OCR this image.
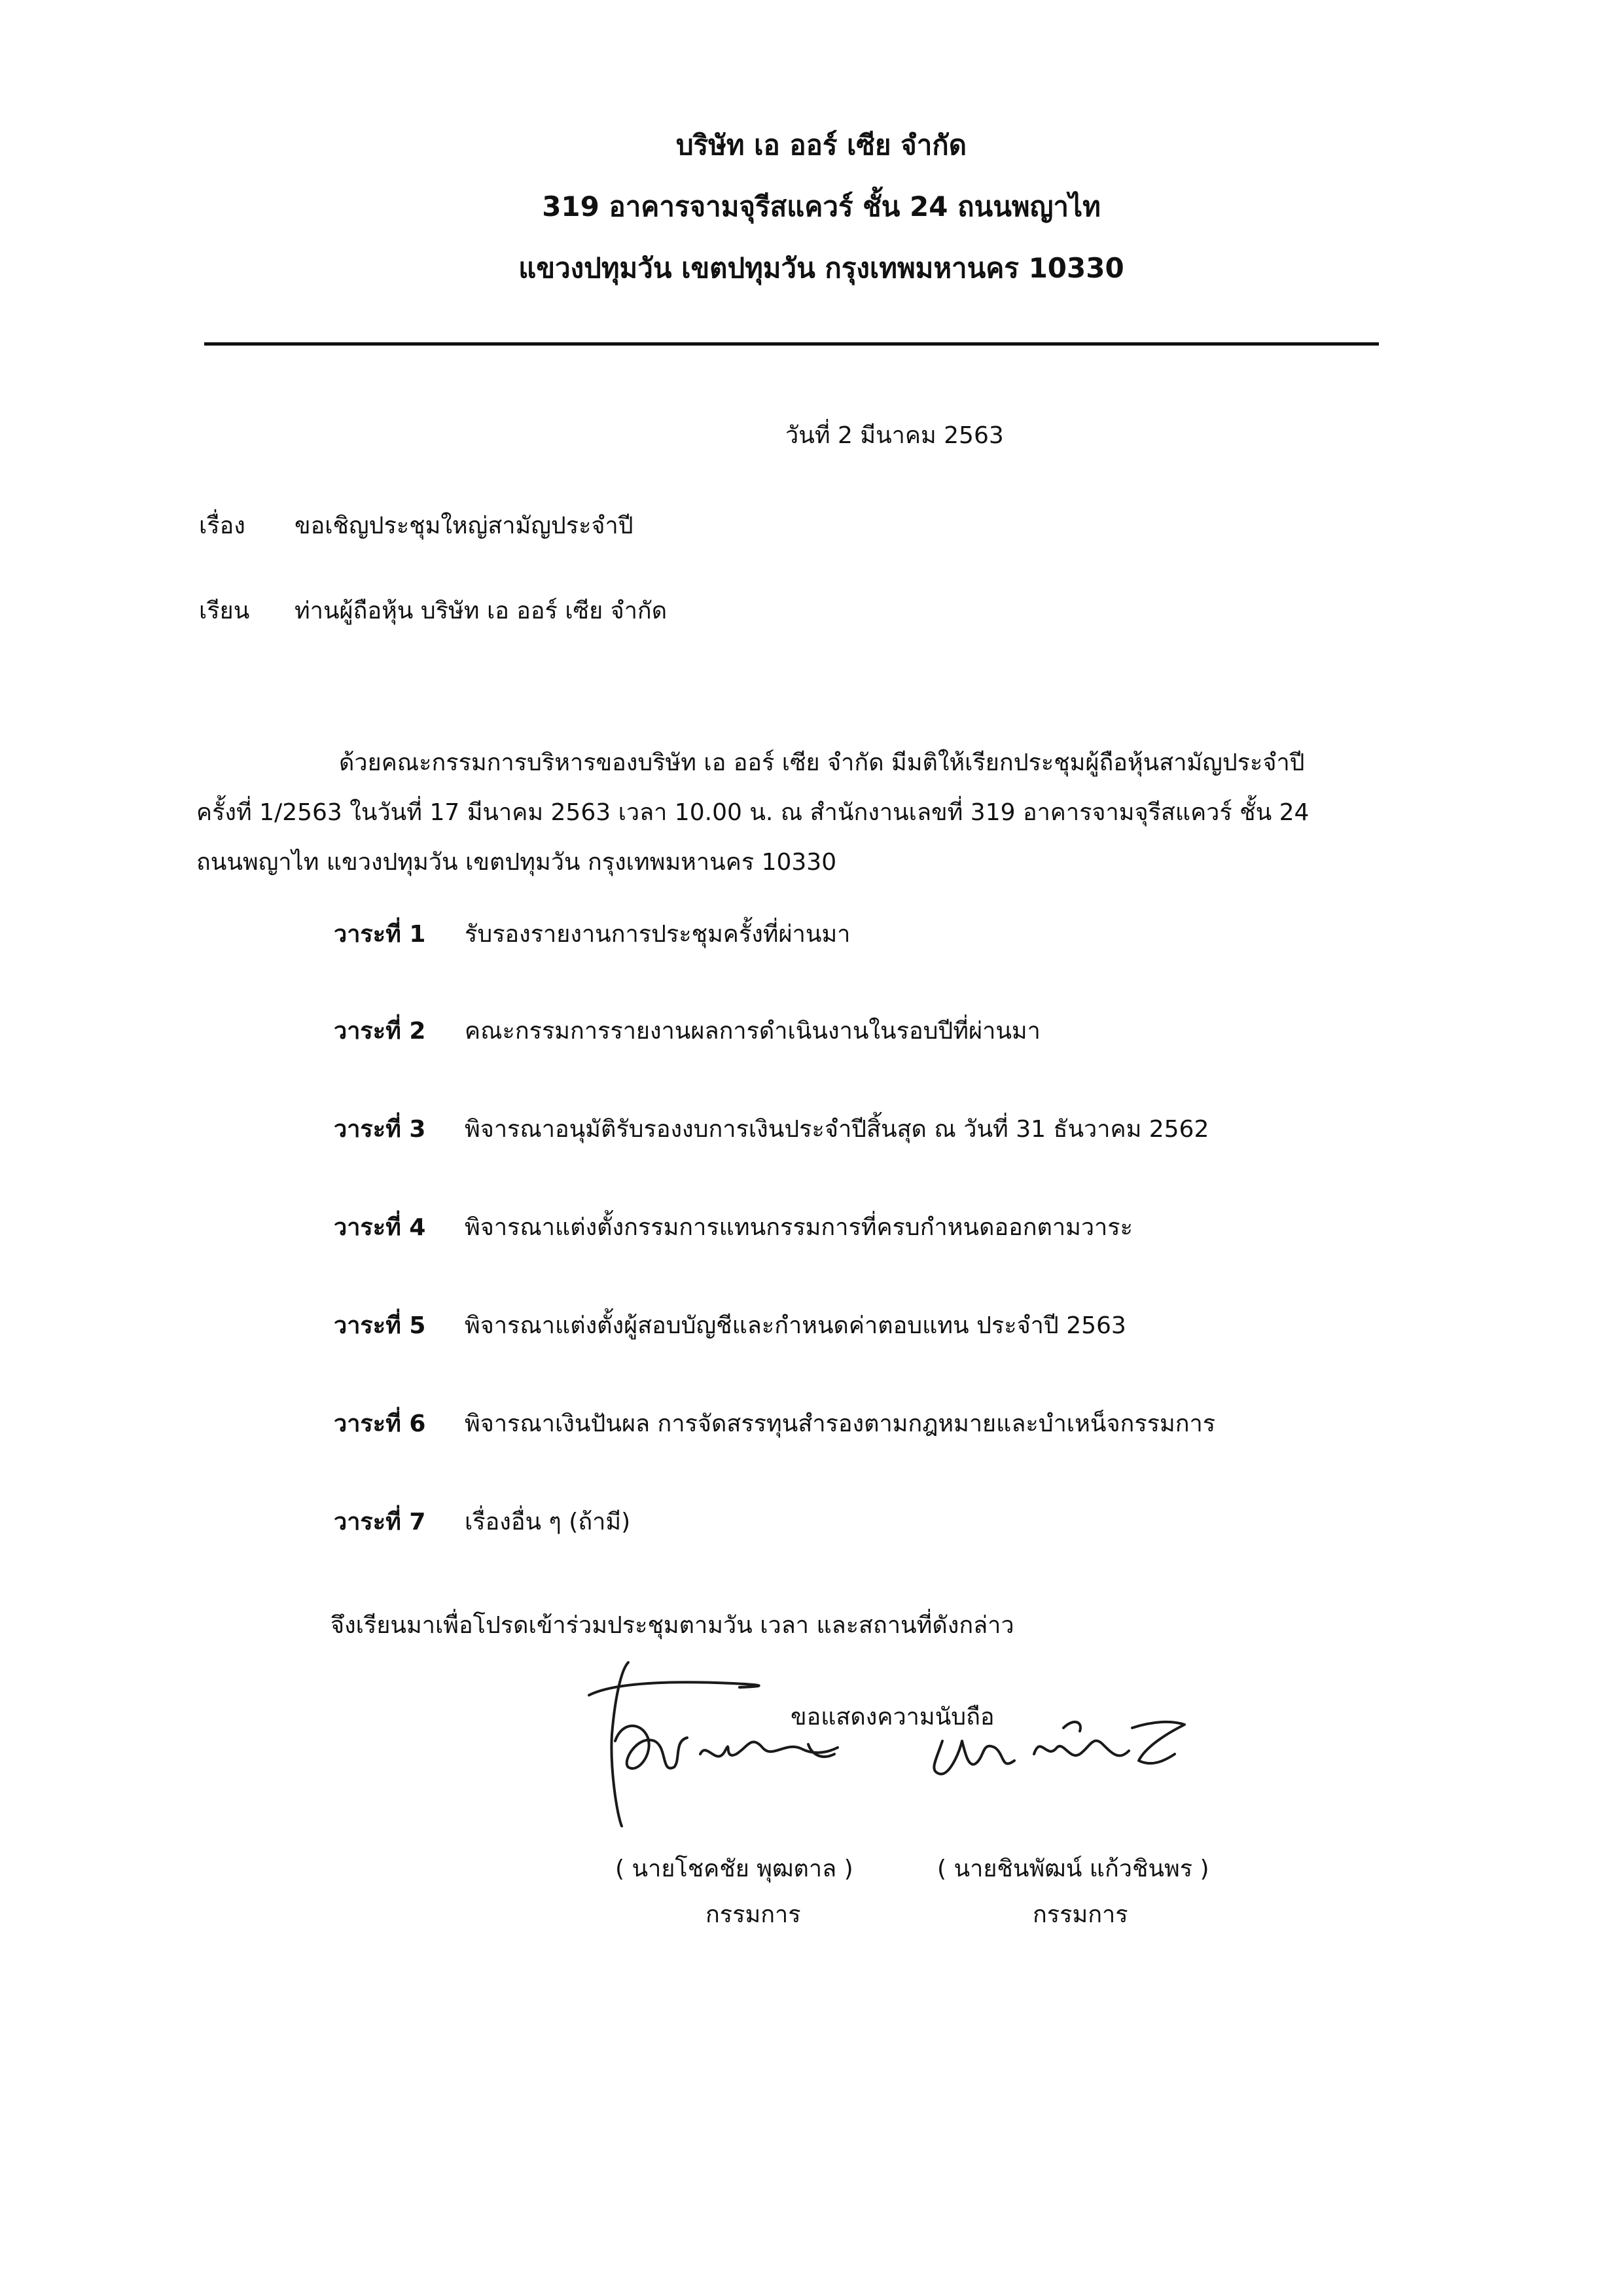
บริษัท เอ ออร์ เซีย จำกัด
319 อาคารจามจุรีสแควร์ ชั้น 24 ถนนพญาไท
แขวงปทุมวัน เขตปทุมวัน กรุงเทพมหานคร 10330
วันที่ 2 มีนาคม 2563
เรื่อง ขอเชิญประชุมใหญ่สามัญประจำปี
เรียน ท่านผู้ถือหุ้น บริษัท เอ ออร์ เซีย จำกัด
ด้วยคณะกรรมการบริหารของบริษัท เอ ออร์ เซีย จำกัด มีมติให้เรียกประชุมผู้ถือหุ้นสามัญประจำปี
ครั้งที่ 1/2563 ในวันที่ 17 มีนาคม 2563 เวลา 10.00 น. ณ สำนักงานเลขที่ 319 อาคารจามจุรีสแควร์ ชั้น 24
ถนนพญาไท แขวงปทุมวัน เขตปทุมวัน กรุงเทพมหานคร 10330
วาระที่ 1 รับรองรายงานการประชุมครั้งที่ผ่านมา
วาระที่ 2 คณะกรรมการรายงานผลการดำเนินงานในรอบปีที่ผ่านมา
วาระที่ 3 พิจารณาอนุมัติรับรองงบการเงินประจำปีสิ้นสุด ณ วันที่ 31 ธันวาคม 2562
วาระที่ 4 พิจารณาแต่งตั้งกรรมการแทนกรรมการที่ครบกำหนดออกตามวาระ
วาระที่ 5 พิจารณาแต่งตั้งผู้สอบบัญชีและกำหนดค่าตอบแทน ประจำปี 2563
วาระที่ 6 พิจารณาเงินปันผล การจัดสรรทุนสำรองตามกฎหมายและบำเหน็จกรรมการ
วาระที่ 7 เรื่องอื่น ๆ (ถ้ามี)
จึงเรียนมาเพื่อโปรดเข้าร่วมประชุมตามวัน เวลา และสถานที่ดังกล่าว
ขอแสดงความนับถือ
( นายโชคชัย พุฒตาล )	( นายชินพัฒน์ แก้วชินพร )
กรรมการ	กรรมการ
